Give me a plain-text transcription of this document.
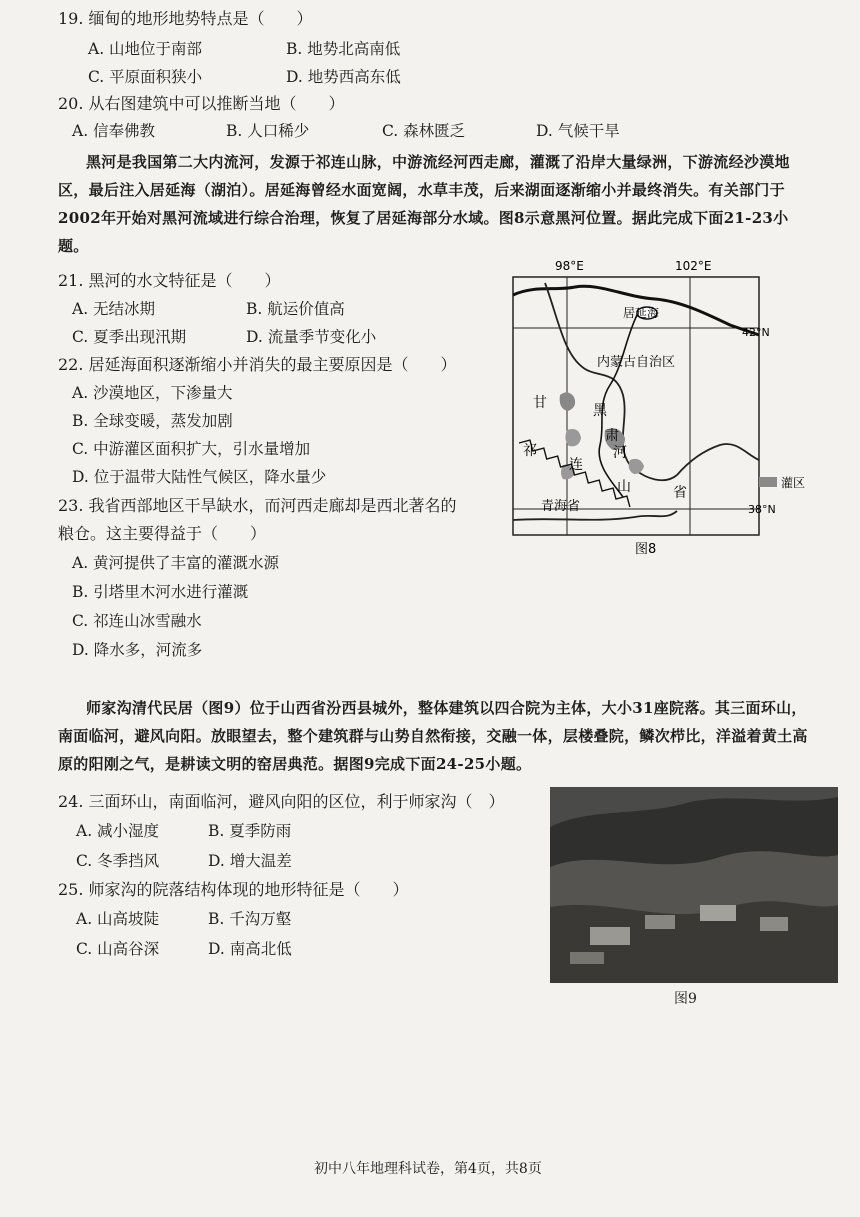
19. 缅甸的地形地势特点是（　　）
A. 山地位于南部	B. 地势北高南低
C. 平原面积狭小	D. 地势西高东低
20. 从右图建筑中可以推断当地（　　）
A. 信奉佛教	B. 人口稀少	C. 森林匮乏	D. 气候干旱
黑河是我国第二大内流河，发源于祁连山脉，中游流经河西走廊，灌溉了沿岸大量绿洲，下游流经沙漠地区，最后注入居延海（湖泊）。居延海曾经水面宽阔，水草丰茂，后来湖面逐渐缩小并最终消失。有关部门于2002年开始对黑河流域进行综合治理，恢复了居延海部分水域。图8示意黑河位置。据此完成下面21-23小题。
21. 黑河的水文特征是（　　）
A. 无结冰期	B. 航运价值高
C. 夏季出现汛期	D. 流量季节变化小
22. 居延海面积逐渐缩小并消失的最主要原因是（　　）
A. 沙漠地区，下渗量大
B. 全球变暖，蒸发加剧
C. 中游灌区面积扩大，引水量增加
D. 位于温带大陆性气候区，降水量少
23. 我省西部地区干旱缺水，而河西走廊却是西北著名的
粮仓。这主要得益于（　　）
A. 黄河提供了丰富的灌溉水源
B. 引塔里木河水进行灌溉
C. 祁连山冰雪融水
D. 降水多，河流多
98°E	102°E
42°N
38°N
居延海
内蒙古自治区
甘	黑
肃
河
祁
连
山	省
青海省
灌区
图8
师家沟清代民居（图9）位于山西省汾西县城外，整体建筑以四合院为主体，大小31座院落。其三面环山，南面临河，避风向阳。放眼望去，整个建筑群与山势自然衔接，交融一体，层楼叠院，鳞次栉比，洋溢着黄土高原的阳刚之气，是耕读文明的窑居典范。据图9完成下面24-25小题。
24. 三面环山，南面临河，避风向阳的区位，利于师家沟（　）
A. 减小湿度	B. 夏季防雨
C. 冬季挡风	D. 增大温差
25. 师家沟的院落结构体现的地形特征是（　　）
A. 山高坡陡	B. 千沟万壑
C. 山高谷深	D. 南高北低
图9
初中八年地理科试卷，第4页，共8页
